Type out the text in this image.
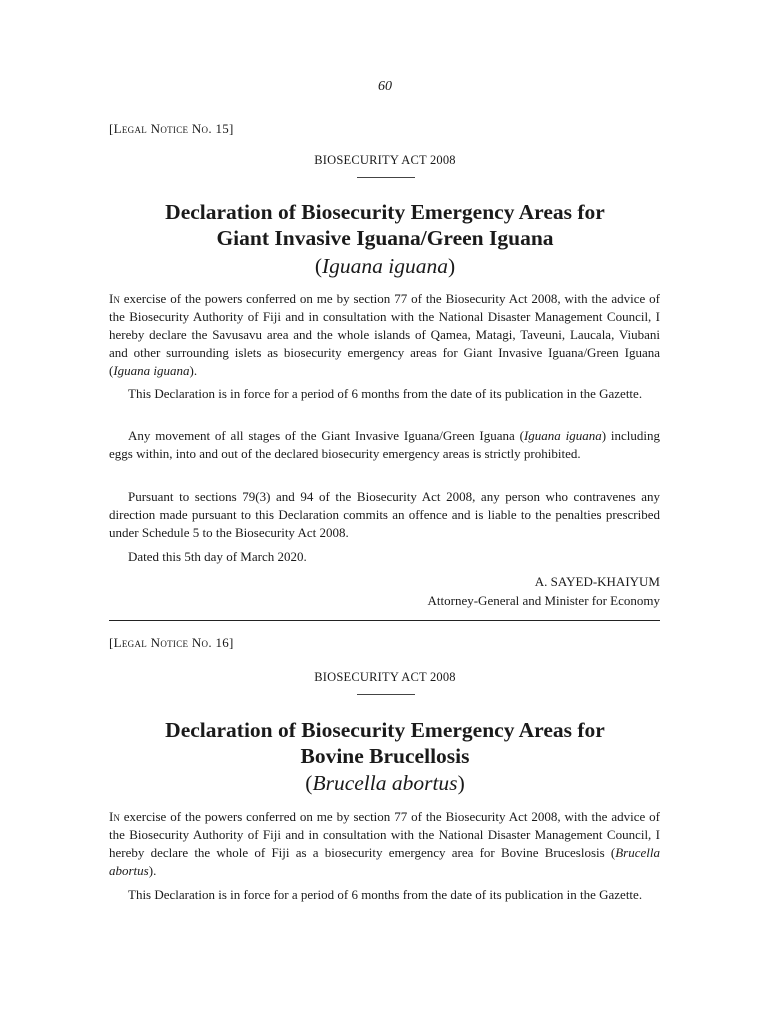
60
[Legal Notice No. 15]
BIOSECURITY ACT 2008
Declaration of Biosecurity Emergency Areas for
Giant Invasive Iguana/Green Iguana
(Iguana iguana)
In exercise of the powers conferred on me by section 77 of the Biosecurity Act 2008, with the advice of the Biosecurity Authority of Fiji and in consultation with the National Disaster Management Council, I hereby declare the Savusavu area and the whole islands of Qamea, Matagi, Taveuni, Laucala, Viubani and other surrounding islets as biosecurity emergency areas for Giant Invasive Iguana/Green Iguana (Iguana iguana).
This Declaration is in force for a period of 6 months from the date of its publication in the Gazette.
Any movement of all stages of the Giant Invasive Iguana/Green Iguana (Iguana iguana) including eggs within, into and out of the declared biosecurity emergency areas is strictly prohibited.
Pursuant to sections 79(3) and 94 of the Biosecurity Act 2008, any person who contravenes any direction made pursuant to this Declaration commits an offence and is liable to the penalties prescribed under Schedule 5 to the Biosecurity Act 2008.
Dated this 5th day of March 2020.
A. SAYED-KHAIYUM
Attorney-General and Minister for Economy
[Legal Notice No. 16]
BIOSECURITY ACT 2008
Declaration of Biosecurity Emergency Areas for
Bovine Brucellosis
(Brucella abortus)
In exercise of the powers conferred on me by section 77 of the Biosecurity Act 2008, with the advice of the Biosecurity Authority of Fiji and in consultation with the National Disaster Management Council, I hereby declare the whole of Fiji as a biosecurity emergency area for Bovine Bruceslosis (Brucella abortus).
This Declaration is in force for a period of 6 months from the date of its publication in the Gazette.
